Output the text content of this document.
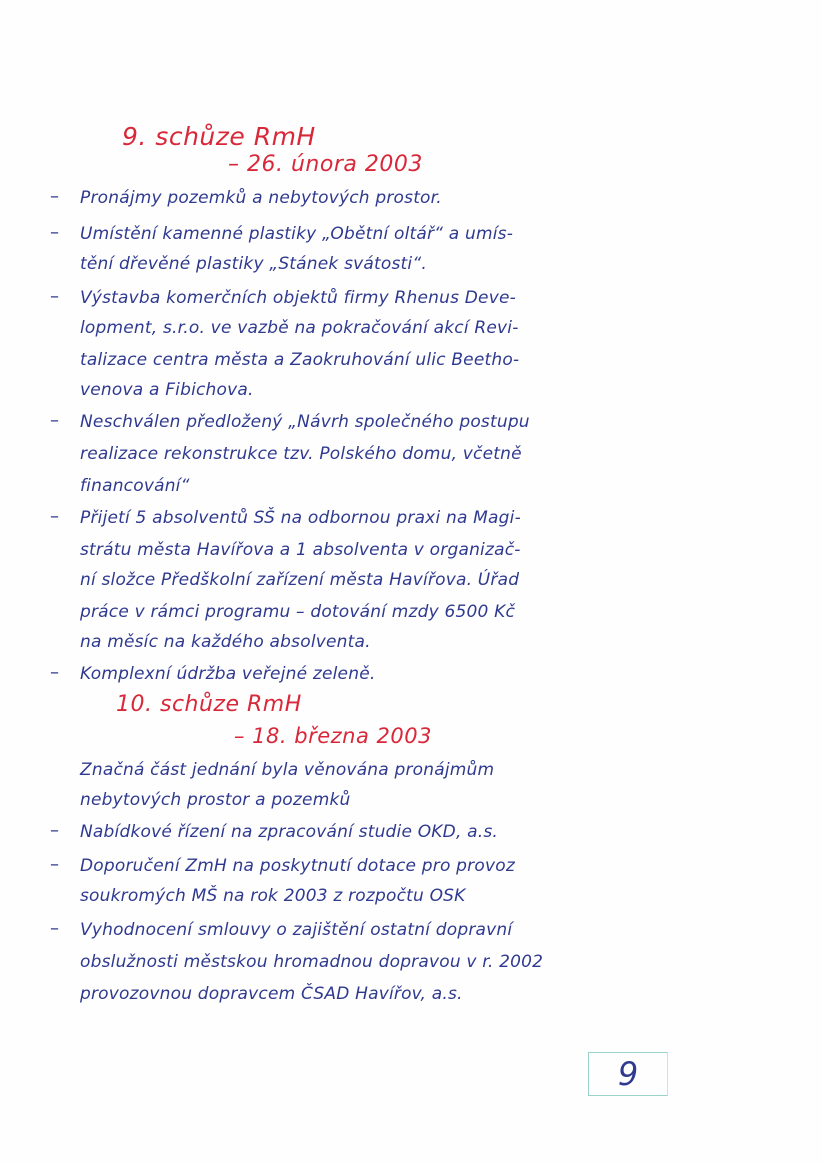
9. schůze RmH
– 26. února 2003
– Pronájmy pozemků a nebytových prostor.
– Umístění kamenné plastiky „Obětní oltář“ a umís-
tění dřevěné plastiky „Stánek svátosti“.
– Výstavba komerčních objektů firmy Rhenus Deve-
lopment, s.r.o. ve vazbě na pokračování akcí Revi-
talizace centra města a Zaokruhování ulic Beetho-
venova a Fibichova.
– Neschválen předložený „Návrh společného postupu
realizace rekonstrukce tzv. Polského domu, včetně
financování“
– Přijetí 5 absolventů SŠ na odbornou praxi na Magi-
strátu města Havířova a 1 absolventa v organizač-
ní složce Předškolní zařízení města Havířova. Úřad
práce v rámci programu – dotování mzdy 6500 Kč
na měsíc na každého absolventa.
– Komplexní údržba veřejné zeleně.
10. schůze RmH
– 18. března 2003
Značná část jednání byla věnována pronájmům
nebytových prostor a pozemků
– Nabídkové řízení na zpracování studie OKD, a.s.
– Doporučení ZmH na poskytnutí dotace pro provoz
soukromých MŠ na rok 2003 z rozpočtu OSK
– Vyhodnocení smlouvy o zajištění ostatní dopravní
obslužnosti městskou hromadnou dopravou v r. 2002
provozovnou dopravcem ČSAD Havířov, a.s.
9
